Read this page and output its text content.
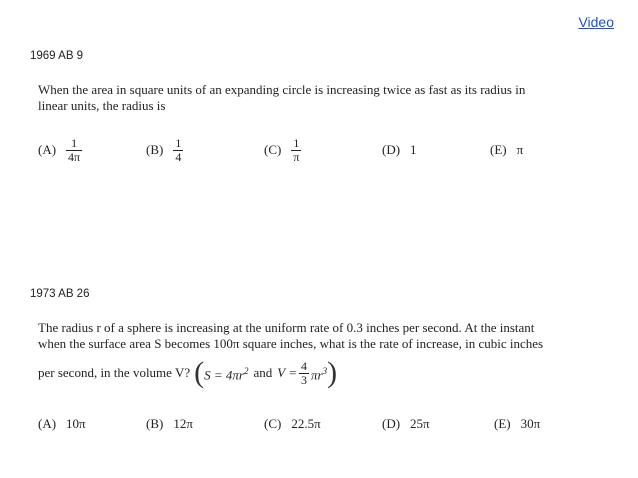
Video
1969 AB 9
When the area in square units of an expanding circle is increasing twice as fast as its radius in
linear units, the radius is
$(A) \frac{1}{4\pi}$	$(B) \frac{1}{4}$	$(C) \frac{1}{\pi}$	(D) 1	(E) π
1973 AB 26
The radius r of a sphere is increasing at the uniform rate of 0.3 inches per second. At the instant
when the surface area S becomes 100π square inches, what is the rate of increase, in cubic inches
per second, in the volume V? ( $S = 4\pi r^2$ and $V = \frac{4}{3} \pi r^3$ )
(A) 10π	(B) 12π	(C) 22.5π	(D) 25π	(E) 30π
